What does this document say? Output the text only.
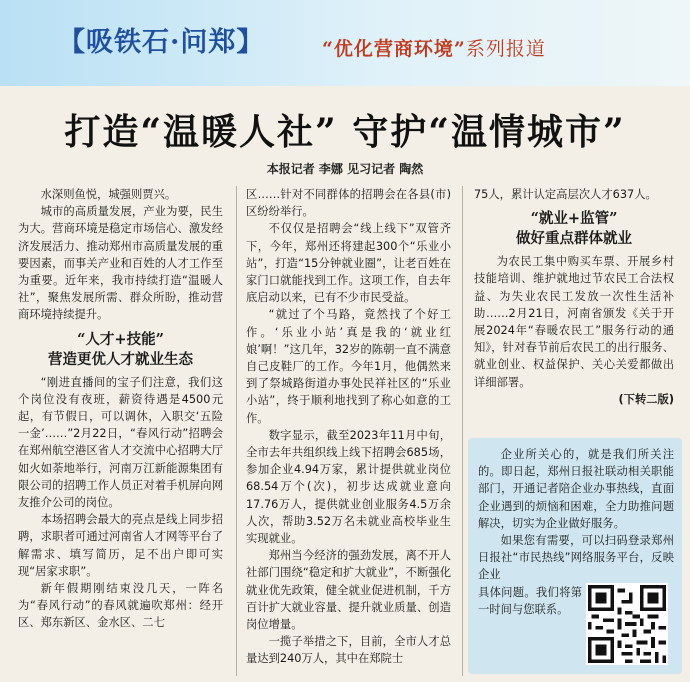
【吸铁石·问郑】	“优化营商环境”系列报道
打造“温暖人社” 守护“温情城市”
本报记者 李娜 见习记者 陶然

水深则鱼悦，城强则贾兴。

城市的高质量发展，产业为要，民生为大。营商环境是稳定市场信心、激发经济发展活力、推动郑州市高质量发展的重要因素，而事关产业和百姓的人才工作至为重要。近年来，我市持续打造“温暖人社”，聚焦发展所需、群众所盼，推动营商环境持续提升。

“人才+技能”
营造更优人才就业生态

“刚进直播间的宝子们注意，我们这个岗位没有夜班，薪资待遇是4500元起，有节假日，可以调休，入职交‘五险一金’……”2月22日，“春风行动”招聘会在郑州航空港区省人才交流中心招聘大厅如火如荼地举行，河南万江新能源集团有限公司的招聘工作人员正对着手机屏向网友推介公司的岗位。

本场招聘会最大的亮点是线上同步招聘，求职者可通过河南省人才网等平台了解需求、填写简历，足不出户即可实现“居家求职”。

新年假期刚结束没几天，一阵名为“春风行动”的春风就遍吹郑州：经开区、郑东新区、金水区、二七

区……针对不同群体的招聘会在各县(市)区纷纷举行。

不仅仅是招聘会“线上线下”双管齐下，今年，郑州还将建起300个“乐业小站”，打造“15分钟就业圈”，让老百姓在家门口就能找到工作。这项工作，自去年底启动以来，已有不少市民受益。

“就过了个马路，竟然找了个好工作。‘乐业小站’真是我的‘就业红娘’啊！”这几年，32岁的陈朝一直不满意自己皮鞋厂的工作。今年1月，他偶然来到了祭城路街道办事处民祥社区的“乐业小站”，终于顺利地找到了称心如意的工作。

数字显示，截至2023年11月中旬，全市去年共组织线上线下招聘会685场，参加企业4.94万家，累计提供就业岗位68.54万个(次)，初步达成就业意向17.76万人，提供就业创业服务4.5万余人次，帮助3.52万名未就业高校毕业生实现就业。

郑州当今经济的强劲发展，离不开人社部门围绕“稳定和扩大就业”，不断强化就业优先政策，健全就业促进机制，千方百计扩大就业容量、提升就业质量、创造岗位增量。

一揽子举措之下，目前，全市人才总量达到240万人，其中在郑院士

75人，累计认定高层次人才637人。

“就业+监管”
做好重点群体就业

为农民工集中购买车票、开展乡村技能培训、维护就地过节农民工合法权益、为失业农民工发放一次性生活补助……2月21日，河南省颁发《关于开展2024年“春暖农民工”服务行动的通知》，针对春节前后农民工的出行服务、就业创业、权益保护、关心关爱都做出详细部署。

(下转二版)

企业所关心的，就是我们所关注的。即日起，郑州日报社联动相关职能部门，开通记者陪企业办事热线，直面企业遇到的烦恼和困难，全力助推问题解决，切实为企业做好服务。

如果您有需要，可以扫码登录郑州日报社“市民热线”网络服务平台，反映企业

具体问题。我们将第一时间与您联系。
